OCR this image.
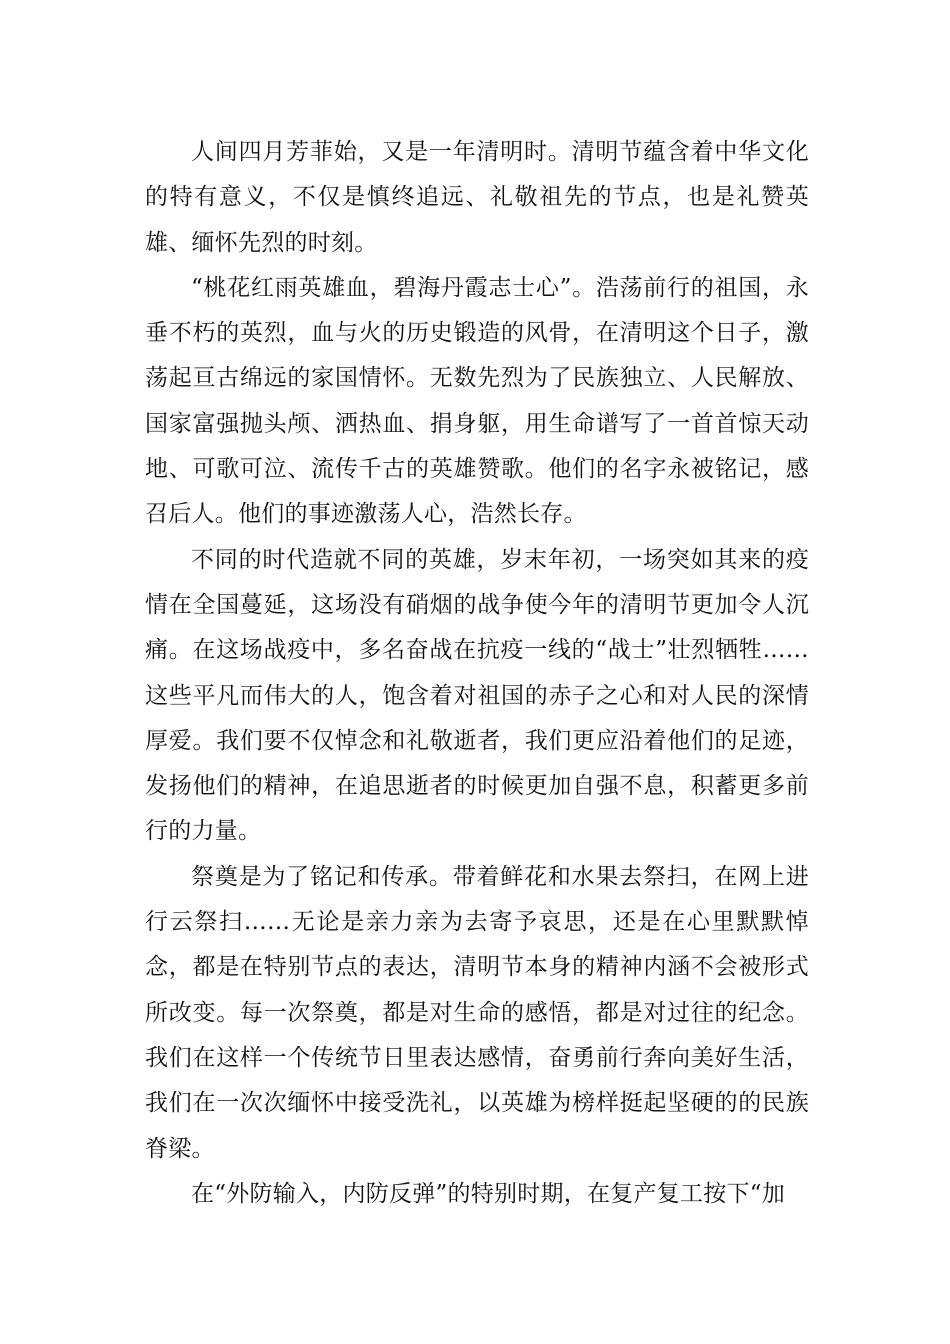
人间四月芳菲始，又是一年清明时。清明节蕴含着中华文化的特有意义，不仅是慎终追远、礼敬祖先的节点，也是礼赞英雄、缅怀先烈的时刻。

“桃花红雨英雄血，碧海丹霞志士心”。浩荡前行的祖国，永垂不朽的英烈，血与火的历史锻造的风骨，在清明这个日子，激荡起亘古绵远的家国情怀。无数先烈为了民族独立、人民解放、国家富强抛头颅、洒热血、捐身躯，用生命谱写了一首首惊天动地、可歌可泣、流传千古的英雄赞歌。他们的名字永被铭记，感召后人。他们的事迹激荡人心，浩然长存。

不同的时代造就不同的英雄，岁末年初，一场突如其来的疫情在全国蔓延，这场没有硝烟的战争使今年的清明节更加令人沉痛。在这场战疫中，多名奋战在抗疫一线的“战士”壮烈牺牲……这些平凡而伟大的人，饱含着对祖国的赤子之心和对人民的深情厚爱。我们要不仅悼念和礼敬逝者，我们更应沿着他们的足迹，发扬他们的精神，在追思逝者的时候更加自强不息，积蓄更多前行的力量。

祭奠是为了铭记和传承。带着鲜花和水果去祭扫，在网上进行云祭扫……无论是亲力亲为去寄予哀思，还是在心里默默悼念，都是在特别节点的表达，清明节本身的精神内涵不会被形式所改变。每一次祭奠，都是对生命的感悟，都是对过往的纪念。我们在这样一个传统节日里表达感情，奋勇前行奔向美好生活，我们在一次次缅怀中接受洗礼，以英雄为榜样挺起坚硬的的民族脊梁。

在“外防输入，内防反弹”的特别时期，在复产复工按下“加
